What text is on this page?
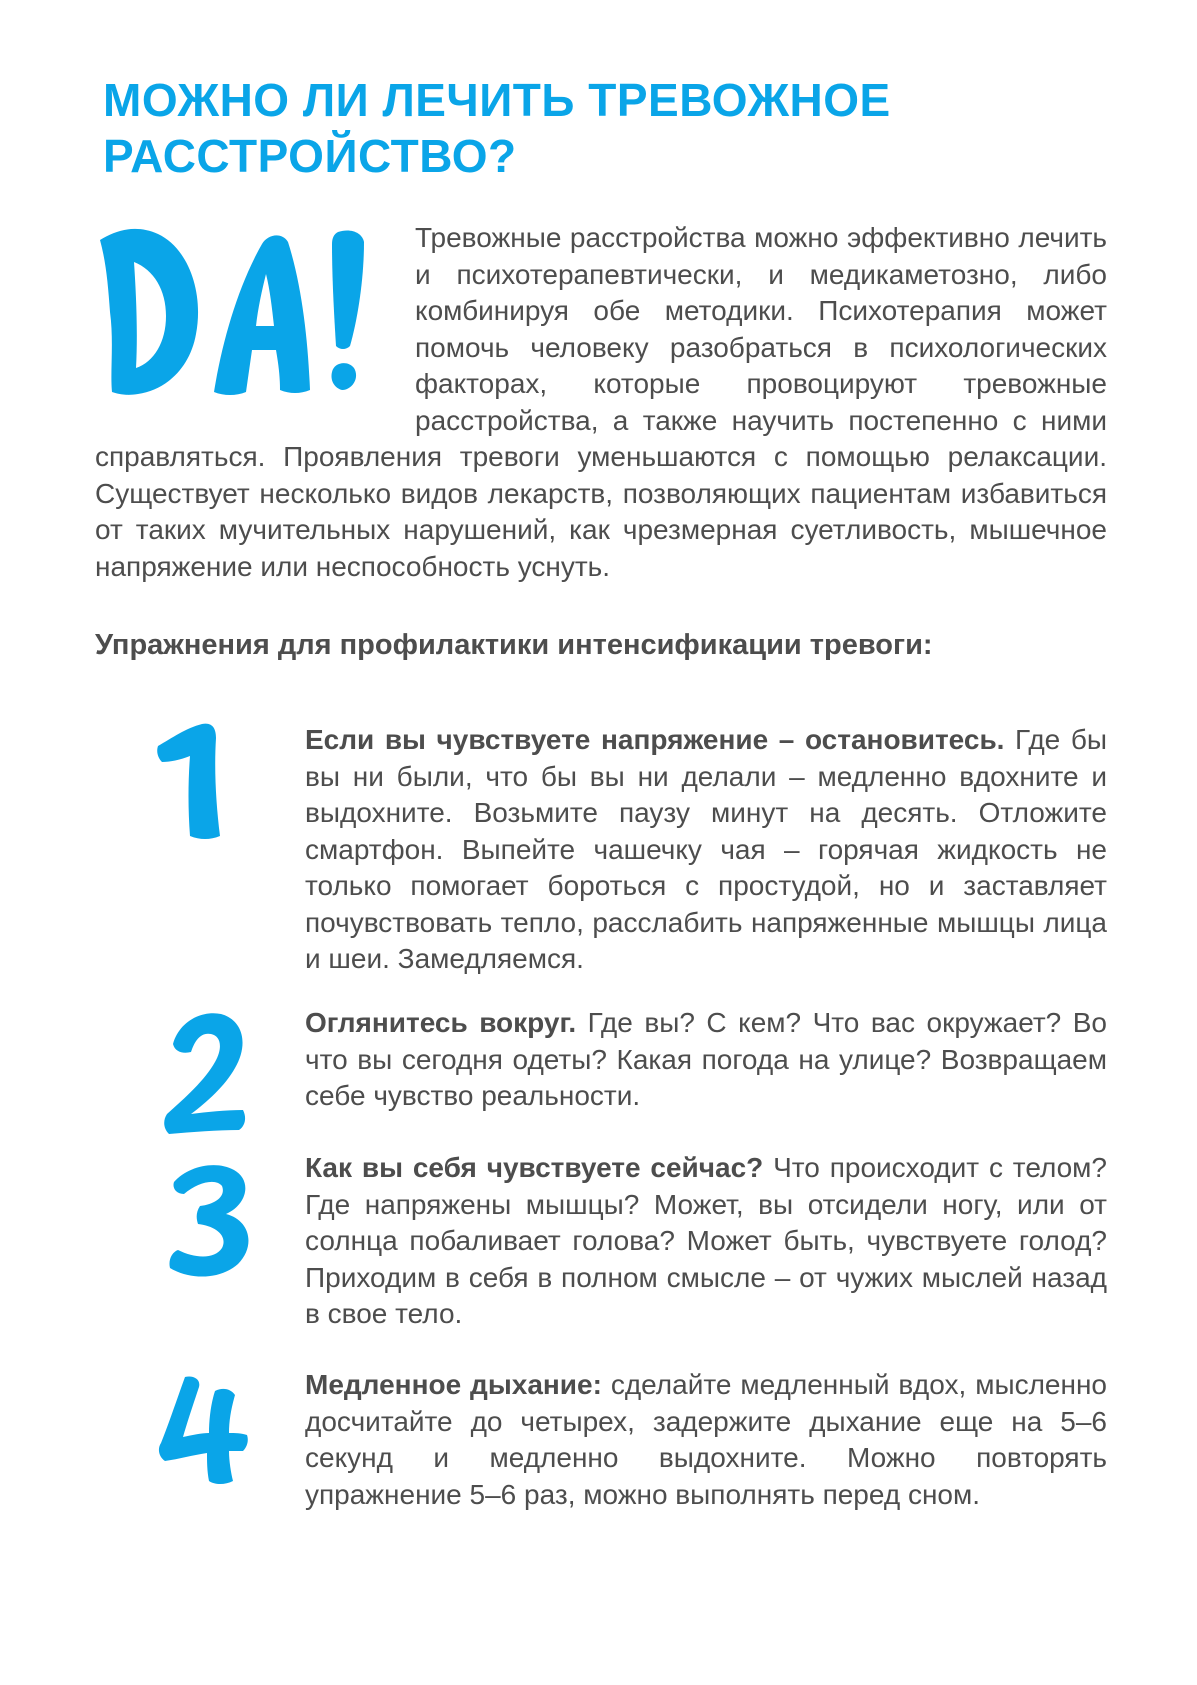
МОЖНО ЛИ ЛЕЧИТЬ ТРЕВОЖНОЕ
РАССТРОЙСТВО?

Тревожные расстройства можно эффективно лечить и психотерапевтически, и медикаметозно, либо комбинируя обе методики. Психотерапия может помочь человеку разобраться в психологических факторах, которые провоцируют тревожные расстройства, а также научить постепенно с ними справляться. Проявления тревоги уменьшаются с помощью релаксации. Существует несколько видов лекарств, позволяющих пациентам избавиться от таких мучительных нарушений, как чрезмерная суетливость, мышечное напряжение или неспособность уснуть.

Упражнения для профилактики интенсификации тревоги:

Если вы чувствуете напряжение – остановитесь. Где бы вы ни были, что бы вы ни делали – медленно вдохните и выдохните. Возьмите паузу минут на десять. Отложите смартфон. Выпейте чашечку чая – горячая жидкость не только помогает бороться с простудой, но и заставляет почувствовать тепло, расслабить напряженные мышцы лица и шеи. Замедляемся.

Оглянитесь вокруг. Где вы? С кем? Что вас окружает? Во что вы сегодня одеты? Какая погода на улице? Возвращаем себе чувство реальности.

Как вы себя чувствуете сейчас? Что происходит с телом? Где напряжены мышцы? Может, вы отсидели ногу, или от солнца побаливает голова? Может быть, чувствуете голод? Приходим в себя в полном смысле – от чужих мыслей назад в свое тело.

Медленное дыхание: сделайте медленный вдох, мысленно досчитайте до четырех, задержите дыхание еще на 5–6 секунд и медленно выдохните. Можно повторять упражнение 5–6 раз, можно выполнять перед сном.
